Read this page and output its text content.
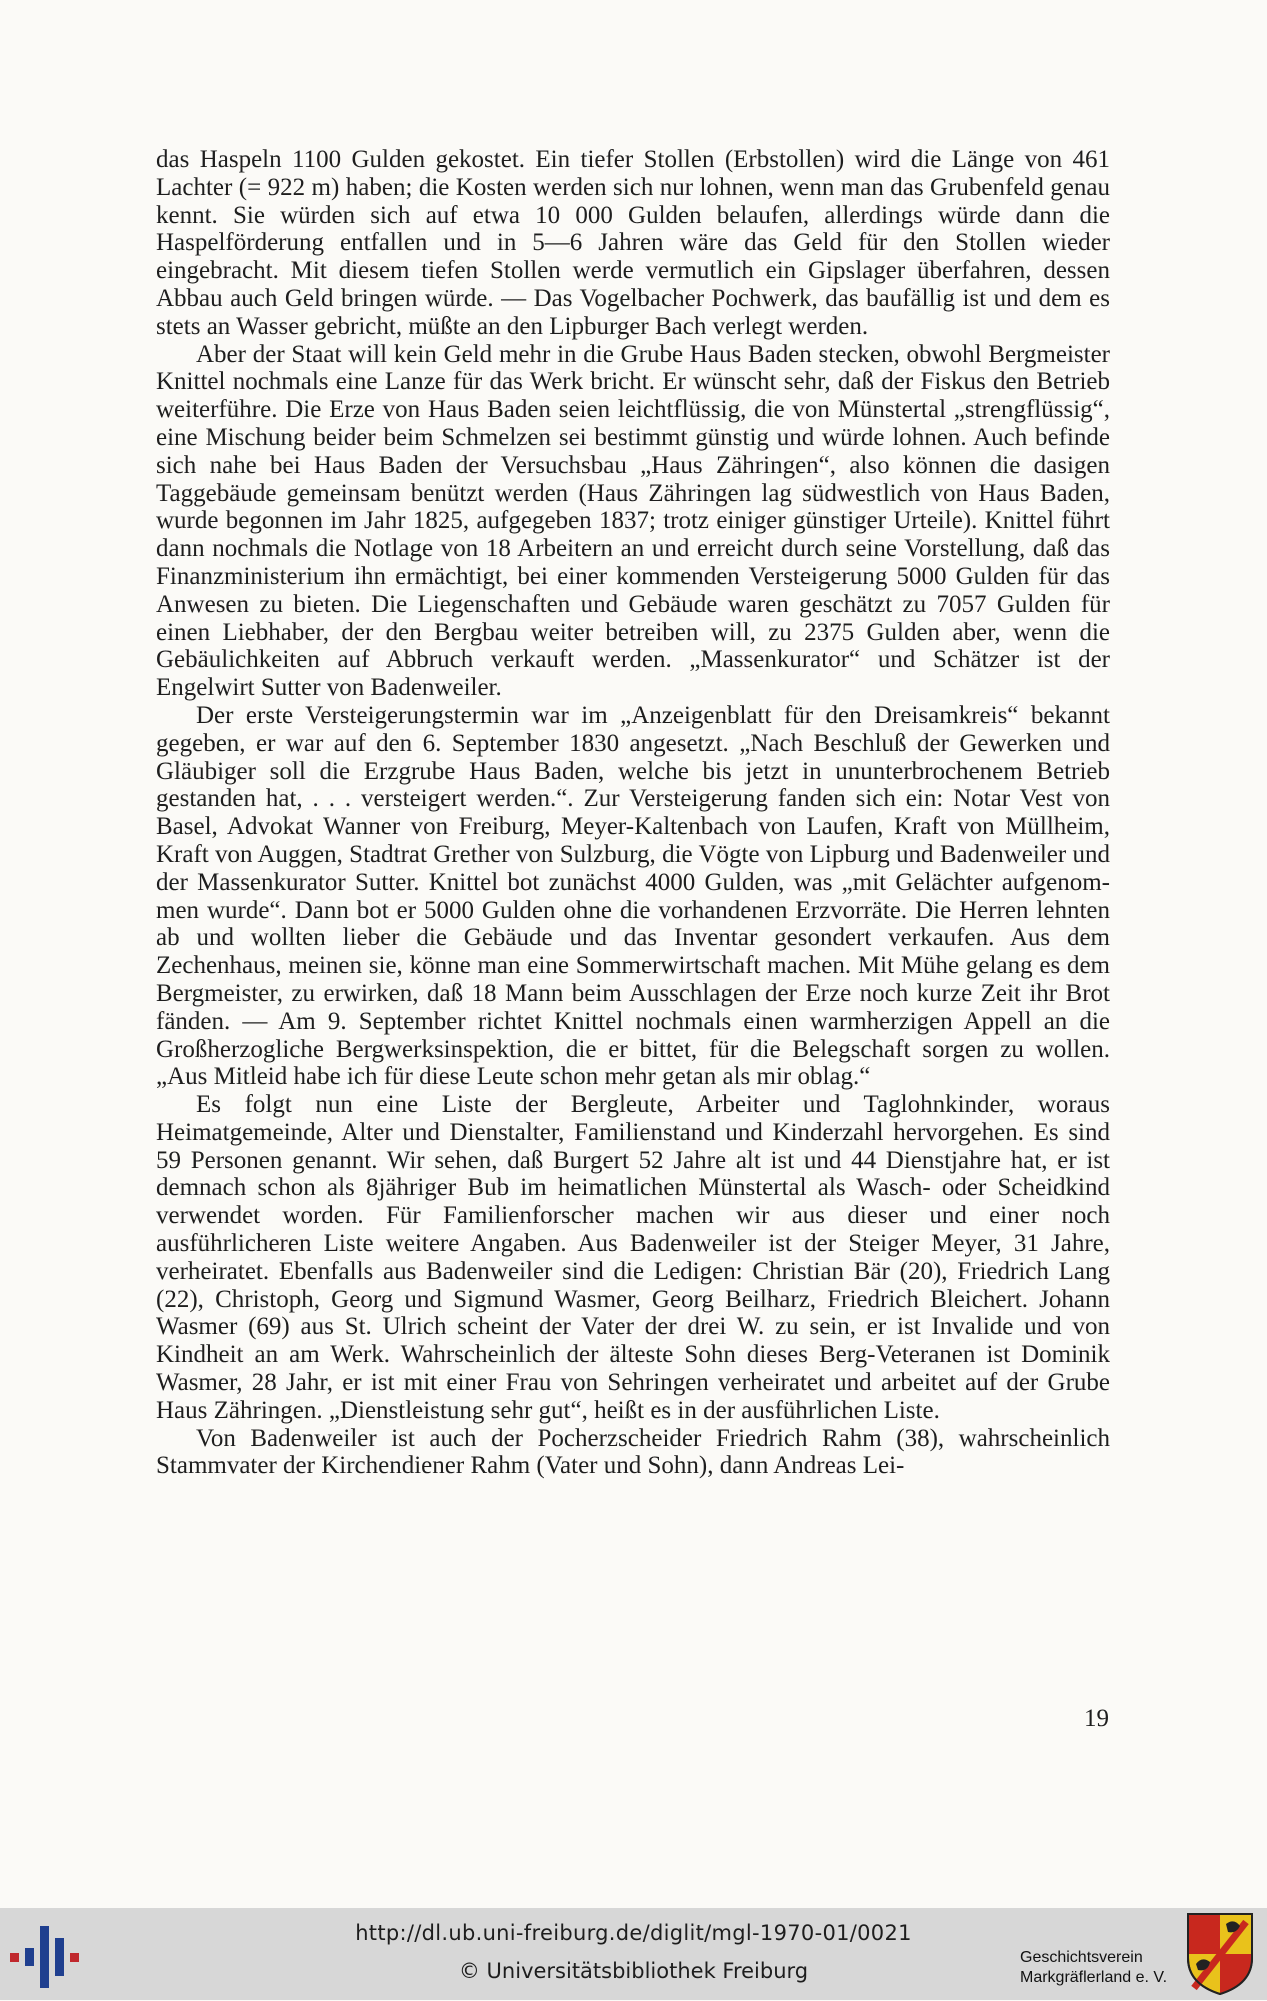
das Haspeln 1100 Gulden gekostet. Ein tiefer Stollen (Erbstollen) wird die Länge von 461 Lachter (= 922 m) haben; die Kosten werden sich nur lohnen, wenn man das Grubenfeld genau kennt. Sie würden sich auf etwa 10 000 Gulden belaufen, allerdings würde dann die Haspelförderung entfallen und in 5—6 Jahren wäre das Geld für den Stollen wieder eingebracht. Mit diesem tiefen Stollen werde vermutlich ein Gipslager überfahren, dessen Abbau auch Geld bringen würde. — Das Vogelbacher Pochwerk, das baufällig ist und dem es stets an Wasser gebricht, müßte an den Lipburger Bach verlegt werden.

Aber der Staat will kein Geld mehr in die Grube Haus Baden stecken, obwohl Bergmeister Knittel nochmals eine Lanze für das Werk bricht. Er wünscht sehr, daß der Fiskus den Betrieb weiterführe. Die Erze von Haus Baden seien leichtflüssig, die von Münstertal „strengflüssig“, eine Mischung beider beim Schmelzen sei bestimmt günstig und würde lohnen. Auch befinde sich nahe bei Haus Baden der Versuchsbau „Haus Zähringen“, also können die dasigen Taggebäude gemeinsam benützt werden (Haus Zähringen lag südwestlich von Haus Baden, wurde begonnen im Jahr 1825, aufgegeben 1837; trotz einiger günstiger Urteile). Knittel führt dann nochmals die Notlage von 18 Arbeitern an und erreicht durch seine Vorstellung, daß das Finanzministerium ihn ermächtigt, bei einer kommenden Versteigerung 5000 Gulden für das Anwesen zu bieten. Die Liegenschaften und Gebäude waren geschätzt zu 7057 Gulden für einen Liebhaber, der den Bergbau weiter betreiben will, zu 2375 Gulden aber, wenn die Gebäulichkeiten auf Abbruch verkauft werden. „Massenkurator“ und Schätzer ist der Engelwirt Sutter von Badenweiler.

Der erste Versteigerungstermin war im „Anzeigenblatt für den Dreisamkreis“ bekannt gegeben, er war auf den 6. September 1830 angesetzt. „Nach Beschluß der Gewerken und Gläubiger soll die Erzgrube Haus Baden, welche bis jetzt in ununterbrochenem Betrieb gestanden hat, . . . versteigert werden.“. Zur Versteigerung fanden sich ein: Notar Vest von Basel, Advokat Wanner von Freiburg, Meyer-Kaltenbach von Laufen, Kraft von Müllheim, Kraft von Auggen, Stadtrat Grether von Sulzburg, die Vögte von Lipburg und Badenweiler und der Massenkurator Sutter. Knittel bot zunächst 4000 Gulden, was „mit Gelächter aufgenommen wurde“. Dann bot er 5000 Gulden ohne die vorhandenen Erzvorräte. Die Herren lehnten ab und wollten lieber die Gebäude und das Inventar gesondert verkaufen. Aus dem Zechenhaus, meinen sie, könne man eine Sommerwirtschaft machen. Mit Mühe gelang es dem Bergmeister, zu erwirken, daß 18 Mann beim Ausschlagen der Erze noch kurze Zeit ihr Brot fänden. — Am 9. September richtet Knittel nochmals einen warmherzigen Appell an die Großherzogliche Bergwerksinspektion, die er bittet, für die Belegschaft sorgen zu wollen. „Aus Mitleid habe ich für diese Leute schon mehr getan als mir oblag.“

Es folgt nun eine Liste der Bergleute, Arbeiter und Taglohnkinder, woraus Heimatgemeinde, Alter und Dienstalter, Familienstand und Kinderzahl hervorgehen. Es sind 59 Personen genannt. Wir sehen, daß Burgert 52 Jahre alt ist und 44 Dienstjahre hat, er ist demnach schon als 8jähriger Bub im heimatlichen Münstertal als Wasch- oder Scheidkind verwendet worden. Für Familienforscher machen wir aus dieser und einer noch ausführlicheren Liste weitere Angaben. Aus Badenweiler ist der Steiger Meyer, 31 Jahre, verheiratet. Ebenfalls aus Badenweiler sind die Ledigen: Christian Bär (20), Friedrich Lang (22), Christoph, Georg und Sigmund Wasmer, Georg Beilharz, Friedrich Bleichert. Johann Wasmer (69) aus St. Ulrich scheint der Vater der drei W. zu sein, er ist Invalide und von Kindheit an am Werk. Wahrscheinlich der älteste Sohn dieses Berg-Veteranen ist Dominik Wasmer, 28 Jahr, er ist mit einer Frau von Sehringen verheiratet und arbeitet auf der Grube Haus Zähringen. „Dienstleistung sehr gut“, heißt es in der ausführlichen Liste.

Von Badenweiler ist auch der Pocherzscheider Friedrich Rahm (38), wahrscheinlich Stammvater der Kirchendiener Rahm (Vater und Sohn), dann Andreas Lei-

19
http://dl.ub.uni-freiburg.de/diglit/mgl-1970-01/0021
© Universitätsbibliothek Freiburg
Geschichtsverein
Markgräflerland e. V.
